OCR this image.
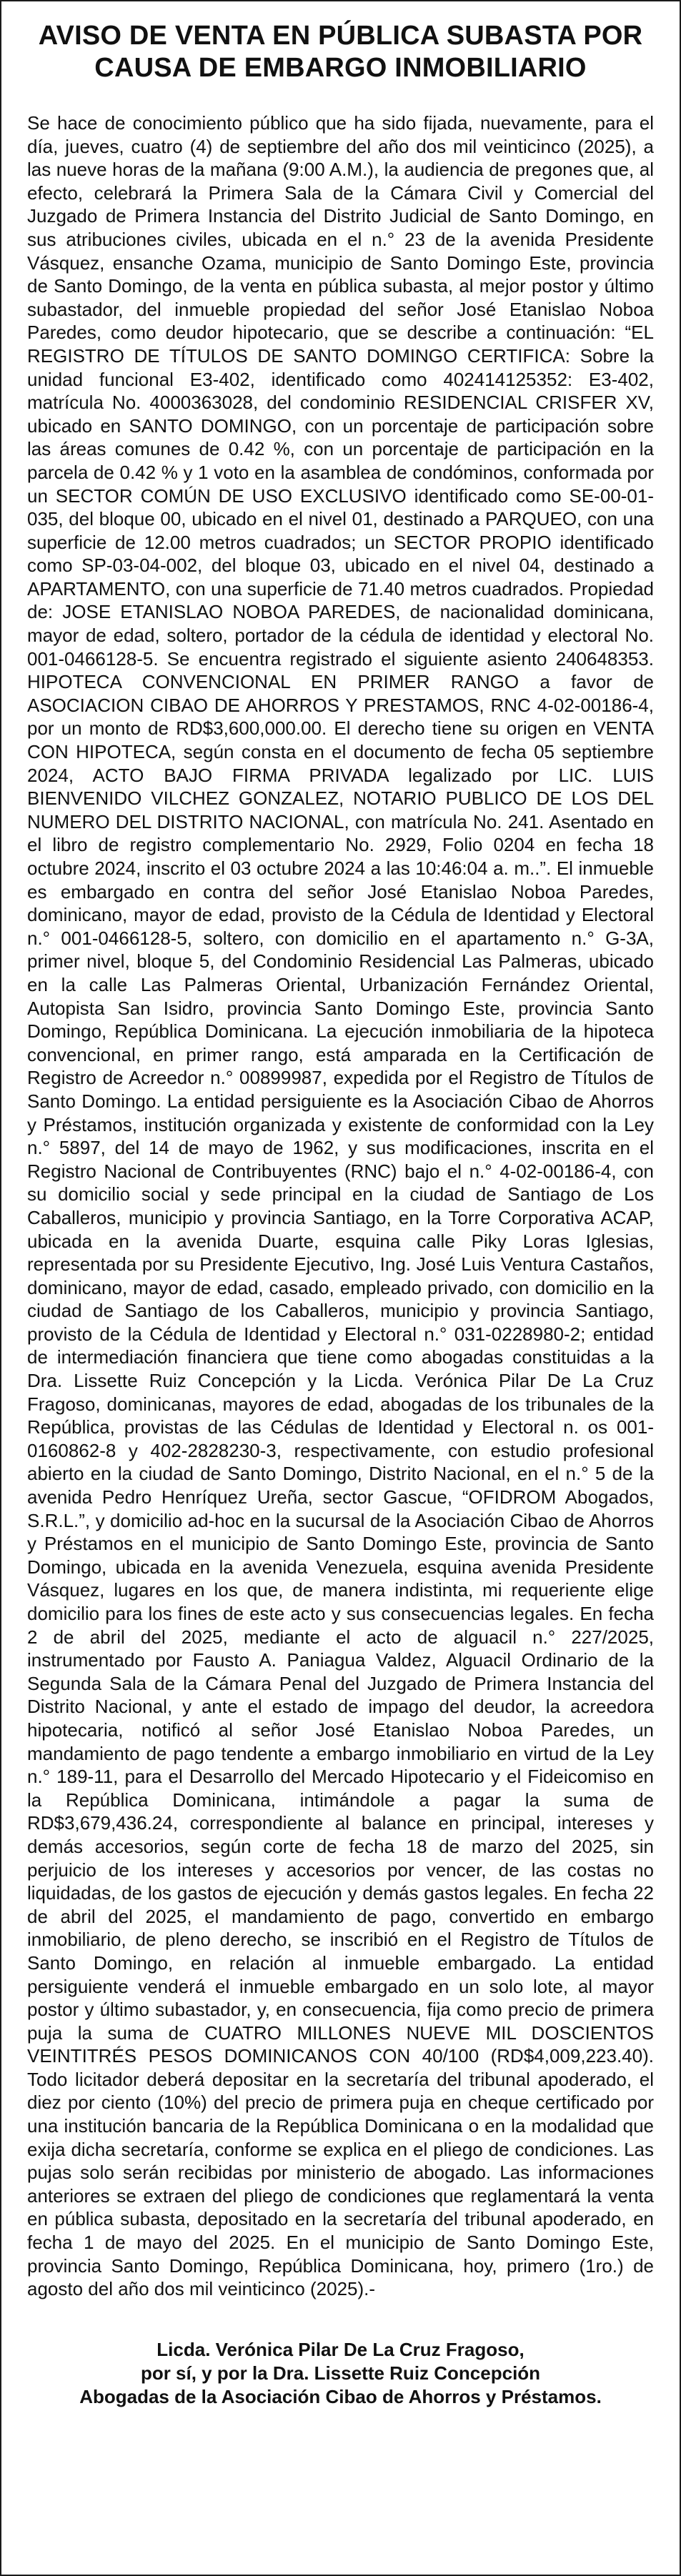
AVISO DE VENTA EN PÚBLICA SUBASTA POR
CAUSA DE EMBARGO INMOBILIARIO

Se hace de conocimiento público que ha sido fijada, nuevamente, para el día, jueves, cuatro (4) de septiembre del año dos mil veinticinco (2025), a las nueve horas de la mañana (9:00 A.M.), la audiencia de pregones que, al efecto, celebrará la Primera Sala de la Cámara Civil y Comercial del Juzgado de Primera Instancia del Distrito Judicial de Santo Domingo, en sus atribuciones civiles, ubicada en el n.° 23 de la avenida Presidente Vásquez, ensanche Ozama, municipio de Santo Domingo Este, provincia de Santo Domingo, de la venta en pública subasta, al mejor postor y último subastador, del inmueble propiedad del señor José Etanislao Noboa Paredes, como deudor hipotecario, que se describe a continuación: “EL REGISTRO DE TÍTULOS DE SANTO DOMINGO CERTIFICA: Sobre la unidad funcional E3-402, identificado como 402414125352: E3-402, matrícula No. 4000363028, del condominio RESIDENCIAL CRISFER XV, ubicado en SANTO DOMINGO, con un porcentaje de participación sobre las áreas comunes de 0.42 %, con un porcentaje de participación en la parcela de 0.42 % y 1 voto en la asamblea de condóminos, conformada por un SECTOR COMÚN DE USO EXCLUSIVO identificado como SE-00-01-035, del bloque 00, ubicado en el nivel 01, destinado a PARQUEO, con una superficie de 12.00 metros cuadrados; un SECTOR PROPIO identificado como SP-03-04-002, del bloque 03, ubicado en el nivel 04, destinado a APARTAMENTO, con una superficie de 71.40 metros cuadrados. Propiedad de: JOSE ETANISLAO NOBOA PAREDES, de nacionalidad dominicana, mayor de edad, soltero, portador de la cédula de identidad y electoral No. 001-0466128-5. Se encuentra registrado el siguiente asiento 240648353. HIPOTECA CONVENCIONAL EN PRIMER RANGO a favor de ASOCIACION CIBAO DE AHORROS Y PRESTAMOS, RNC 4-02-00186-4, por un monto de RD$3,600,000.00. El derecho tiene su origen en VENTA CON HIPOTECA, según consta en el documento de fecha 05 septiembre 2024, ACTO BAJO FIRMA PRIVADA legalizado por LIC. LUIS BIENVENIDO VILCHEZ GONZALEZ, NOTARIO PUBLICO DE LOS DEL NUMERO DEL DISTRITO NACIONAL, con matrícula No. 241. Asentado en el libro de registro complementario No. 2929, Folio 0204 en fecha 18 octubre 2024, inscrito el 03 octubre 2024 a las 10:46:04 a. m..”. El inmueble es embargado en contra del señor José Etanislao Noboa Paredes, dominicano, mayor de edad, provisto de la Cédula de Identidad y Electoral n.° 001-0466128-5, soltero, con domicilio en el apartamento n.° G-3A, primer nivel, bloque 5, del Condominio Residencial Las Palmeras, ubicado en la calle Las Palmeras Oriental, Urbanización Fernández Oriental, Autopista San Isidro, provincia Santo Domingo Este, provincia Santo Domingo, República Dominicana. La ejecución inmobiliaria de la hipoteca convencional, en primer rango, está amparada en la Certificación de Registro de Acreedor n.° 00899987, expedida por el Registro de Títulos de Santo Domingo. La entidad persiguiente es la Asociación Cibao de Ahorros y Préstamos, institución organizada y existente de conformidad con la Ley n.° 5897, del 14 de mayo de 1962, y sus modificaciones, inscrita en el Registro Nacional de Contribuyentes (RNC) bajo el n.° 4-02-00186-4, con su domicilio social y sede principal en la ciudad de Santiago de Los Caballeros, municipio y provincia Santiago, en la Torre Corporativa ACAP, ubicada en la avenida Duarte, esquina calle Piky Loras Iglesias, representada por su Presidente Ejecutivo, Ing. José Luis Ventura Castaños, dominicano, mayor de edad, casado, empleado privado, con domicilio en la ciudad de Santiago de los Caballeros, municipio y provincia Santiago, provisto de la Cédula de Identidad y Electoral n.° 031-0228980-2; entidad de intermediación financiera que tiene como abogadas constituidas a la Dra. Lissette Ruiz Concepción y la Licda. Verónica Pilar De La Cruz Fragoso, dominicanas, mayores de edad, abogadas de los tribunales de la República, provistas de las Cédulas de Identidad y Electoral n. os 001-0160862-8 y 402-2828230-3, respectivamente, con estudio profesional abierto en la ciudad de Santo Domingo, Distrito Nacional, en el n.° 5 de la avenida Pedro Henríquez Ureña, sector Gascue, “OFIDROM Abogados, S.R.L.”, y domicilio ad-hoc en la sucursal de la Asociación Cibao de Ahorros y Préstamos en el municipio de Santo Domingo Este, provincia de Santo Domingo, ubicada en la avenida Venezuela, esquina avenida Presidente Vásquez, lugares en los que, de manera indistinta, mi requeriente elige domicilio para los fines de este acto y sus consecuencias legales. En fecha 2 de abril del 2025, mediante el acto de alguacil n.° 227/2025, instrumentado por Fausto A. Paniagua Valdez, Alguacil Ordinario de la Segunda Sala de la Cámara Penal del Juzgado de Primera Instancia del Distrito Nacional, y ante el estado de impago del deudor, la acreedora hipotecaria, notificó al señor José Etanislao Noboa Paredes, un mandamiento de pago tendente a embargo inmobiliario en virtud de la Ley n.° 189-11, para el Desarrollo del Mercado Hipotecario y el Fideicomiso en la República Dominicana, intimándole a pagar la suma de RD$3,679,436.24, correspondiente al balance en principal, intereses y demás accesorios, según corte de fecha 18 de marzo del 2025, sin perjuicio de los intereses y accesorios por vencer, de las costas no liquidadas, de los gastos de ejecución y demás gastos legales. En fecha 22 de abril del 2025, el mandamiento de pago, convertido en embargo inmobiliario, de pleno derecho, se inscribió en el Registro de Títulos de Santo Domingo, en relación al inmueble embargado. La entidad persiguiente venderá el inmueble embargado en un solo lote, al mayor postor y último subastador, y, en consecuencia, fija como precio de primera puja la suma de CUATRO MILLONES NUEVE MIL DOSCIENTOS VEINTITRÉS PESOS DOMINICANOS CON 40/100 (RD$4,009,223.40). Todo licitador deberá depositar en la secretaría del tribunal apoderado, el diez por ciento (10%) del precio de primera puja en cheque certificado por una institución bancaria de la República Dominicana o en la modalidad que exija dicha secretaría, conforme se explica en el pliego de condiciones. Las pujas solo serán recibidas por ministerio de abogado. Las informaciones anteriores se extraen del pliego de condiciones que reglamentará la venta en pública subasta, depositado en la secretaría del tribunal apoderado, en fecha 1 de mayo del 2025. En el municipio de Santo Domingo Este, provincia Santo Domingo, República Dominicana, hoy, primero (1ro.) de agosto del año dos mil veinticinco (2025).-

Licda. Verónica Pilar De La Cruz Fragoso,
por sí, y por la Dra. Lissette Ruiz Concepción
Abogadas de la Asociación Cibao de Ahorros y Préstamos.
